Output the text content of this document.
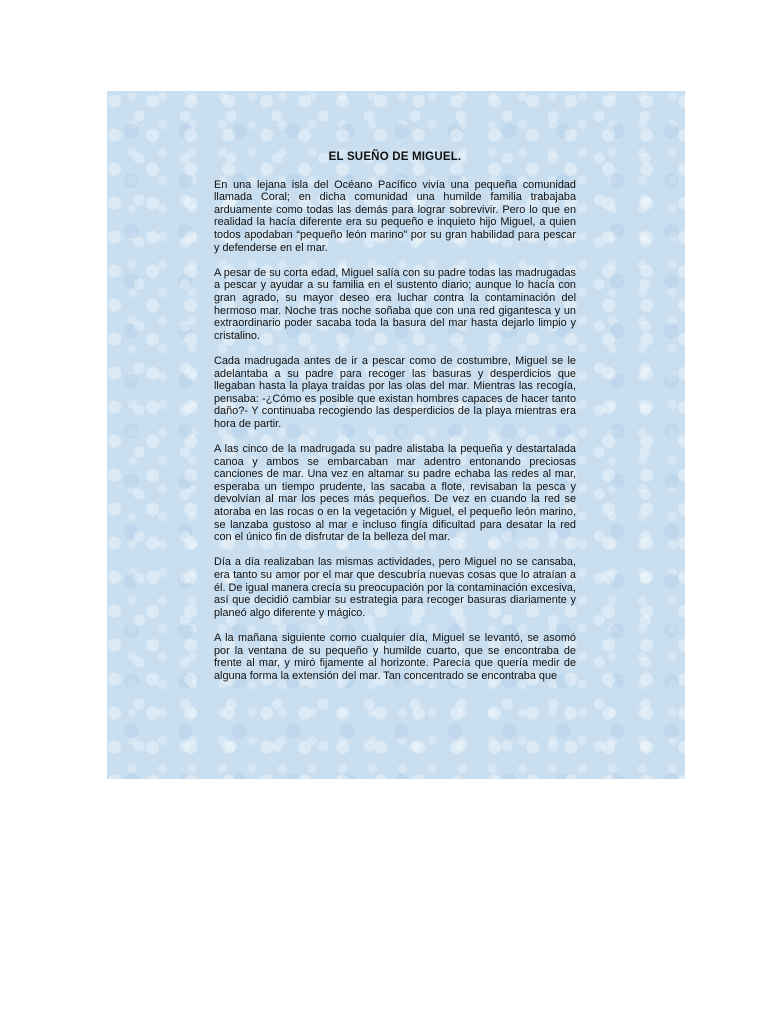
EL SUEÑO DE MIGUEL.

En una lejana isla del Océano Pacífico vivía una pequeña comunidad llamada Coral; en dicha comunidad una humilde familia trabajaba arduamente como todas las demás para lograr sobrevivir. Pero lo que en realidad la hacía diferente era su pequeño e inquieto hijo Miguel, a quien todos apodaban “pequeño león marino” por su gran habilidad para pescar y defenderse en el mar.

A pesar de su corta edad, Miguel salía con su padre todas las madrugadas a pescar y ayudar a su familia en el sustento diario; aunque lo hacía con gran agrado, su mayor deseo era luchar contra la contaminación del hermoso mar. Noche tras noche soñaba que con una red gigantesca y un extraordinario poder sacaba toda la basura del mar hasta dejarlo limpio y cristalino.

Cada madrugada antes de ir a pescar como de costumbre, Miguel se le adelantaba a su padre para recoger las basuras y desperdicios que llegaban hasta la playa traídas por las olas del mar. Mientras las recogía, pensaba: -¿Cómo es posible que existan hombres capaces de hacer tanto daño?- Y continuaba recogiendo las desperdicios de la playa mientras era hora de partir.

A las cinco de la madrugada su padre alistaba la pequeña y destartalada canoa y ambos se embarcaban mar adentro entonando preciosas canciones de mar. Una vez en altamar su padre echaba las redes al mar, esperaba un tiempo prudente, las sacaba a flote, revisaban la pesca y devolvían al mar los peces más pequeños. De vez en cuando la red se atoraba en las rocas o en la vegetación y Miguel, el pequeño león marino, se lanzaba gustoso al mar e incluso fingía dificultad para desatar la red con el único fin de disfrutar de la belleza del mar.

Día a día realizaban las mismas actividades, pero Miguel no se cansaba, era tanto su amor por el mar que descubría nuevas cosas que lo atraían a él. De igual manera crecía su preocupación por la contaminación excesiva, así que decidió cambiar su estrategia para recoger basuras diariamente y planeó algo diferente y mágico.

A la mañana siguiente como cualquier día, Miguel se levantó, se asomó por la ventana de su pequeño y humilde cuarto, que se encontraba de frente al mar, y miró fijamente al horizonte. Parecía que quería medir de alguna forma la extensión del mar. Tan concentrado se encontraba que
